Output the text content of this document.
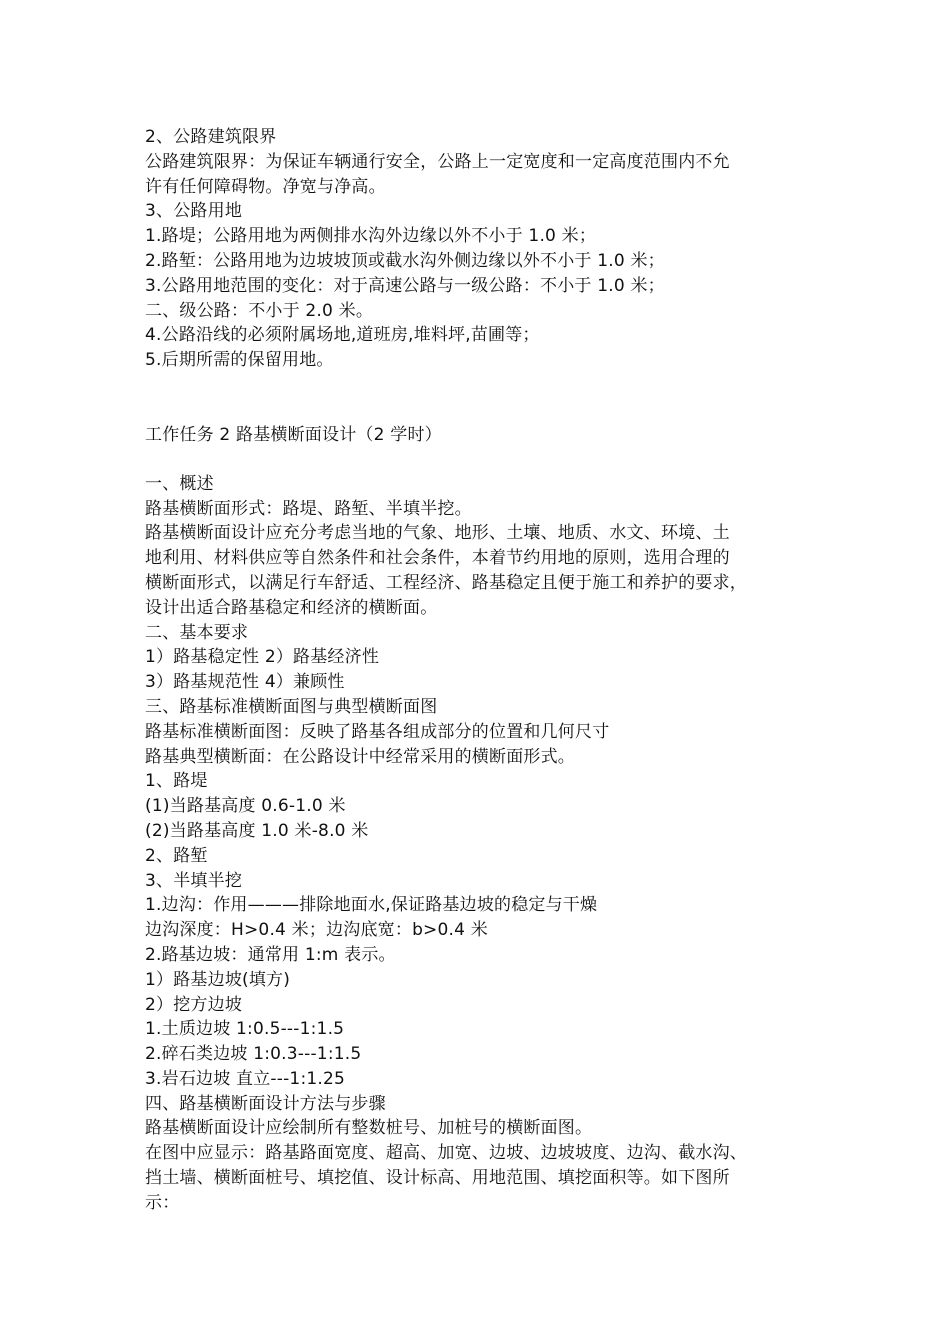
2、公路建筑限界
公路建筑限界：为保证车辆通行安全，公路上一定宽度和一定高度范围内不允
许有任何障碍物。净宽与净高。
3、公路用地
1.路堤；公路用地为两侧排水沟外边缘以外不小于 1.0 米；
2.路堑：公路用地为边坡坡顶或截水沟外侧边缘以外不小于 1.0 米；
3.公路用地范围的变化：对于高速公路与一级公路：不小于 1.0 米；
二、级公路：不小于 2.0 米。
4.公路沿线的必须附属场地,道班房,堆料坪,苗圃等；
5.后期所需的保留用地。
工作任务 2 路基横断面设计（2 学时）
一、概述
路基横断面形式：路堤、路堑、半填半挖。
路基横断面设计应充分考虑当地的气象、地形、土壤、地质、水文、环境、土
地利用、材料供应等自然条件和社会条件，本着节约用地的原则，选用合理的
横断面形式，以满足行车舒适、工程经济、路基稳定且便于施工和养护的要求，
设计出适合路基稳定和经济的横断面。
二、基本要求
1）路基稳定性 2）路基经济性
3）路基规范性 4）兼顾性
三、路基标准横断面图与典型横断面图
路基标准横断面图：反映了路基各组成部分的位置和几何尺寸
路基典型横断面：在公路设计中经常采用的横断面形式。
1、路堤
(1)当路基高度 0.6-1.0 米
(2)当路基高度 1.0 米-8.0 米
2、路堑
3、半填半挖
1.边沟：作用———排除地面水,保证路基边坡的稳定与干燥
边沟深度：H>0.4 米；边沟底宽：b>0.4 米
2.路基边坡：通常用 1:m 表示。
1）路基边坡(填方)
2）挖方边坡
1.土质边坡 1:0.5---1:1.5
2.碎石类边坡 1:0.3---1:1.5
3.岩石边坡 直立---1:1.25
四、路基横断面设计方法与步骤
路基横断面设计应绘制所有整数桩号、加桩号的横断面图。
在图中应显示：路基路面宽度、超高、加宽、边坡、边坡坡度、边沟、截水沟、
挡土墙、横断面桩号、填挖值、设计标高、用地范围、填挖面积等。如下图所
示：
